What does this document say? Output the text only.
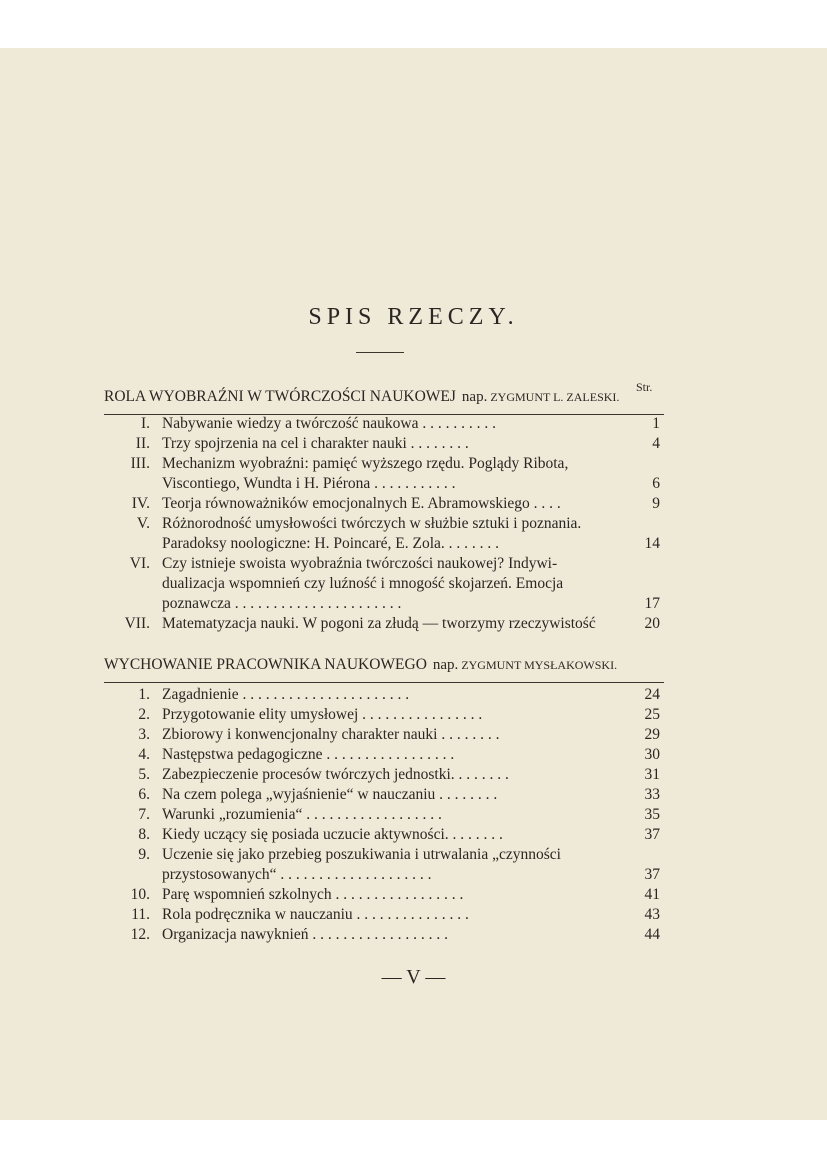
SPIS RZECZY.
Str.
ROLA WYOBRAŹNI W TWÓRCZOŚCI NAUKOWEJ nap. ZYGMUNT L. ZALESKI.
I. Nabywanie wiedzy a twórczość naukowa . . . . . . . . . .	1
II. Trzy spojrzenia na cel i charakter nauki . . . . . . . .	4
III. Mechanizm wyobraźni: pamięć wyższego rzędu. Poglądy Ribota,
Viscontiego, Wundta i H. Piérona . . . . . . . . . . .	6
IV. Teorja równoważników emocjonalnych E. Abramowskiego . . . .	9
V. Różnorodność umysłowości twórczych w służbie sztuki i poznania.
Paradoksy noologiczne: H. Poincaré, E. Zola. . . . . . . .	14
VI. Czy istnieje swoista wyobraźnia twórczości naukowej? Indywi-
dualizacja wspomnień czy luźność i mnogość skojarzeń. Emocja
poznawcza . . . . . . . . . . . . . . . . . . . . . .	17
VII. Matematyzacja nauki. W pogoni za złudą — tworzymy rzeczywistość	20
WYCHOWANIE PRACOWNIKA NAUKOWEGO nap. ZYGMUNT MYSŁAKOWSKI.
1. Zagadnienie . . . . . . . . . . . . . . . . . . . . . .	24
2. Przygotowanie elity umysłowej . . . . . . . . . . . . . . . .	25
3. Zbiorowy i konwencjonalny charakter nauki . . . . . . . .	29
4. Następstwa pedagogiczne . . . . . . . . . . . . . . . . .	30
5. Zabezpieczenie procesów twórczych jednostki. . . . . . . .	31
6. Na czem polega „wyjaśnienie“ w nauczaniu . . . . . . . .	33
7. Warunki „rozumienia“ . . . . . . . . . . . . . . . . . .	35
8. Kiedy uczący się posiada uczucie aktywności. . . . . . . .	37
9. Uczenie się jako przebieg poszukiwania i utrwalania „czynności
przystosowanych“ . . . . . . . . . . . . . . . . . . . .	37
10. Parę wspomnień szkolnych . . . . . . . . . . . . . . . . .	41
11. Rola podręcznika w nauczaniu . . . . . . . . . . . . . . .	43
12. Organizacja nawyknień . . . . . . . . . . . . . . . . . .	44
— V —
